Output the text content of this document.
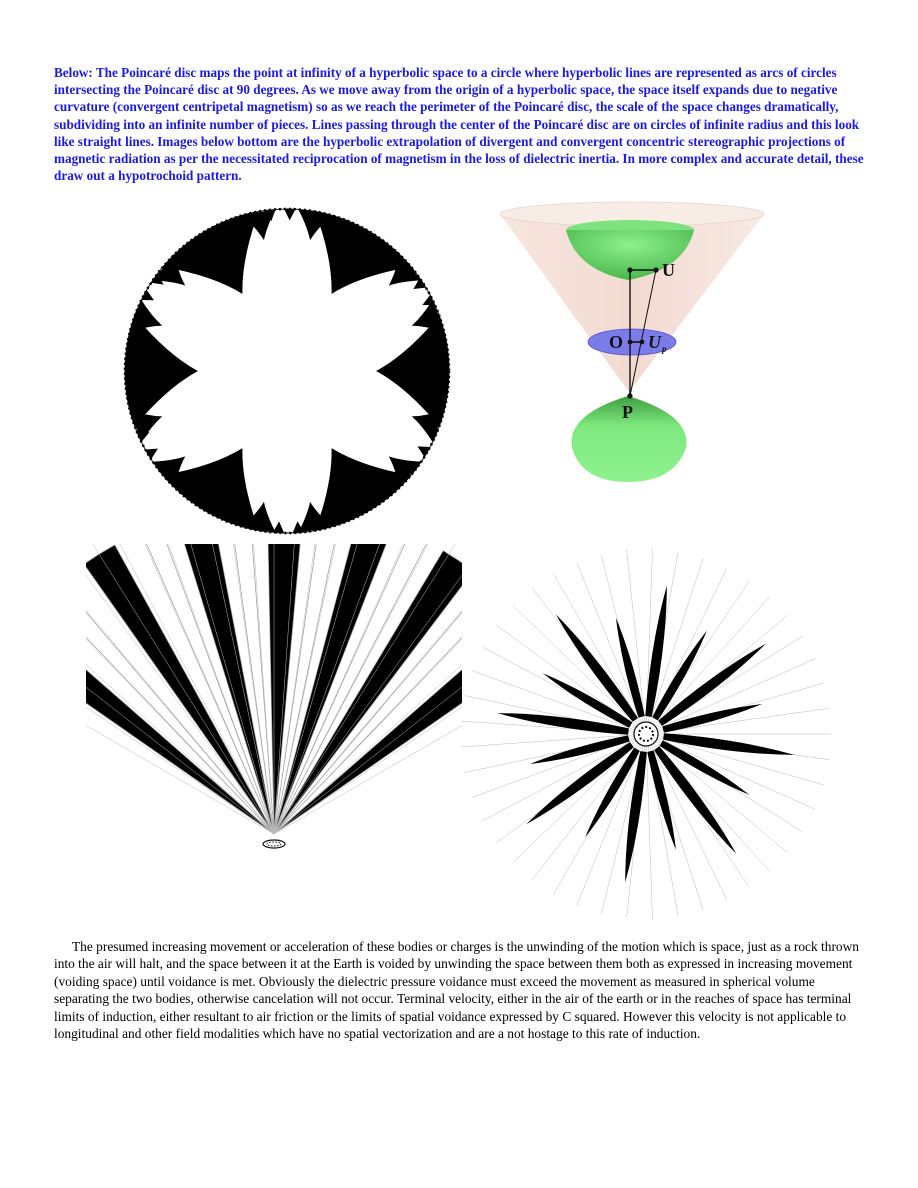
Below: The Poincaré disc maps the point at infinity of a hyperbolic space to a circle where hyperbolic lines are represented as arcs of circles intersecting the Poincaré disc at 90 degrees. As we move away from the origin of a hyperbolic space, the space itself expands due to negative curvature (convergent centripetal magnetism) so as we reach the perimeter of the Poincaré disc, the scale of the space changes dramatically, subdividing into an infinite number of pieces. Lines passing through the center of the Poincaré disc are on circles of infinite radius and this look like straight lines. Images below bottom are the hyperbolic extrapolation of divergent and convergent concentric stereographic projections of magnetic radiation as per the necessitated reciprocation of magnetism in the loss of dielectric inertia. In more complex and accurate detail, these draw out a hypotrochoid pattern.
U
O U p
P
The presumed increasing movement or acceleration of these bodies or charges is the unwinding of the motion which is space, just as a rock thrown into the air will halt, and the space between it at the Earth is voided by unwinding the space between them both as expressed in increasing movement (voiding space) until voidance is met. Obviously the dielectric pressure voidance must exceed the movement as measured in spherical volume separating the two bodies, otherwise cancelation will not occur. Terminal velocity, either in the air of the earth or in the reaches of space has terminal limits of induction, either resultant to air friction or the limits of spatial voidance expressed by C squared. However this velocity is not applicable to longitudinal and other field modalities which have no spatial vectorization and are a not hostage to this rate of induction.
